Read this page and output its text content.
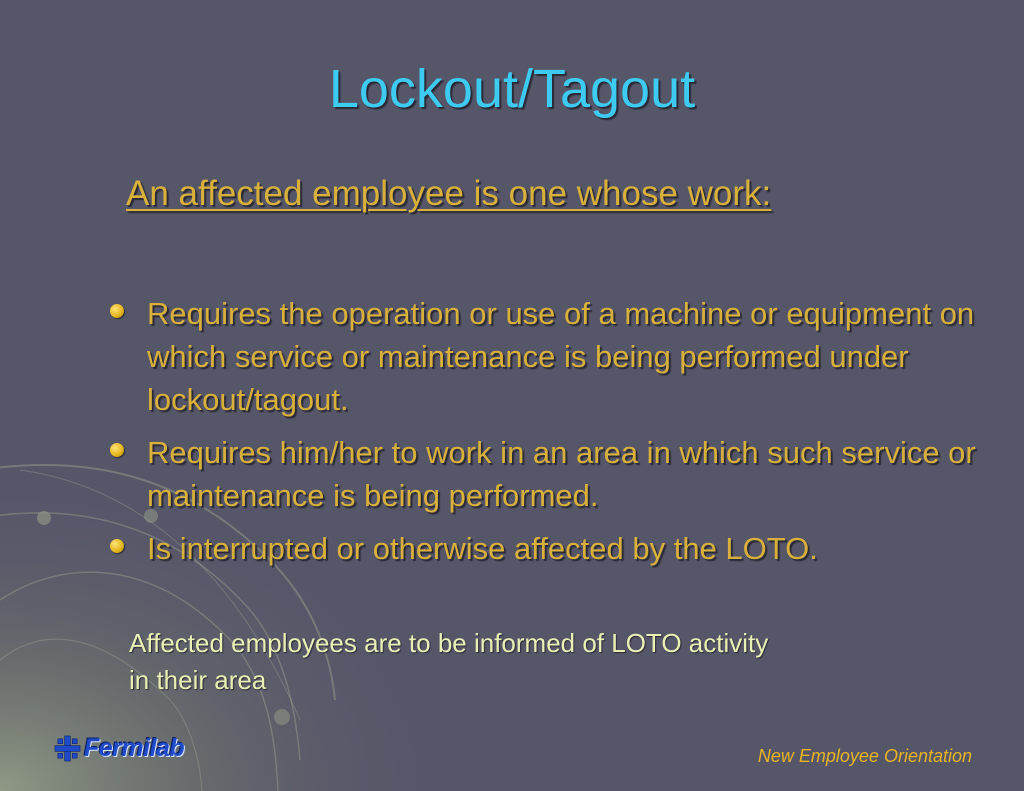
Lockout/Tagout
An affected employee is one whose work:
Requires the operation or use of a machine or equipment on which service or maintenance is being performed under lockout/tagout.
Requires him/her to work in an area in which such service or maintenance is being performed.
Is interrupted or otherwise affected by the LOTO.
Affected employees are to be informed of LOTO activity
in their area
Fermilab	New Employee Orientation
